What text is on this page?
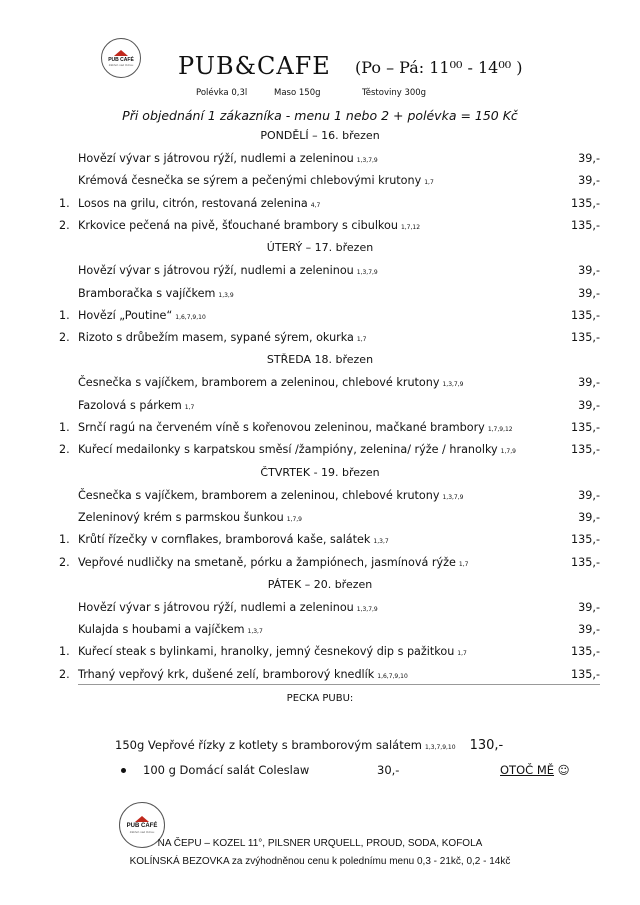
PUB CAFÉ
Zábřeh nad Odrou PUB&CAFE (Po – Pá: 11⁰⁰ - 14⁰⁰ )
Polévka 0,3l	Maso 150g	Těstoviny 300g
Při objednání 1 zákazníka - menu 1 nebo 2 + polévka = 150 Kč
PONDĚLÍ – 16. březen
Hovězí vývar s játrovou rýží, nudlemi a zeleninou 1,3,7,9	39,-
Krémová česnečka se sýrem a pečenými chlebovými krutony 1,7	39,-
1. Losos na grilu, citrón, restovaná zelenina 4,7	135,-
2. Krkovice pečená na pivě, šťouchané brambory s cibulkou 1,7,12	135,-
ÚTERÝ – 17. březen
Hovězí vývar s játrovou rýží, nudlemi a zeleninou 1,3,7,9	39,-
Bramboračka s vajíčkem 1,3,9	39,-
1. Hovězí „Poutine“ 1,6,7,9,10	135,-
2. Rizoto s drůbežím masem, sypané sýrem, okurka 1,7	135,-
STŘEDA 18. březen
Česnečka s vajíčkem, bramborem a zeleninou, chlebové krutony 1,3,7,9	39,-
Fazolová s párkem 1,7	39,-
1. Srnčí ragú na červeném víně s kořenovou zeleninou, mačkané brambory 1,7,9,12	135,-
2. Kuřecí medailonky s karpatskou směsí /žampióny, zelenina/ rýže / hranolky 1,7,9	135,-
ČTVRTEK - 19. březen
Česnečka s vajíčkem, bramborem a zeleninou, chlebové krutony 1,3,7,9	39,-
Zeleninový krém s parmskou šunkou 1,7,9	39,-
1. Krůtí řízečky v cornflakes, bramborová kaše, salátek 1,3,7	135,-
2. Vepřové nudličky na smetaně, pórku a žampiónech, jasmínová rýže 1,7	135,-
PÁTEK – 20. březen
Hovězí vývar s játrovou rýží, nudlemi a zeleninou 1,3,7,9	39,-
Kulajda s houbami a vajíčkem 1,3,7	39,-
1. Kuřecí steak s bylinkami, hranolky, jemný česnekový dip s pažitkou 1,7	135,-
2. Trhaný vepřový krk, dušené zelí, bramborový knedlík 1,6,7,9,10	135,-
PECKA PUBU:
150g Vepřové řízky z kotlety s bramborovým salátem 1,3,7,9,10 130,-
100 g Domácí salát Coleslaw	30,-	OTOČ MĚ ☺
PUB CAFÉ
Zábřeh nad Odrou
NA ČEPU – KOZEL 11°, PILSNER URQUELL, PROUD, SODA, KOFOLA
KOLÍNSKÁ BEZOVKA za zvýhodněnou cenu k polednímu menu 0,3 - 21kč, 0,2 - 14kč
